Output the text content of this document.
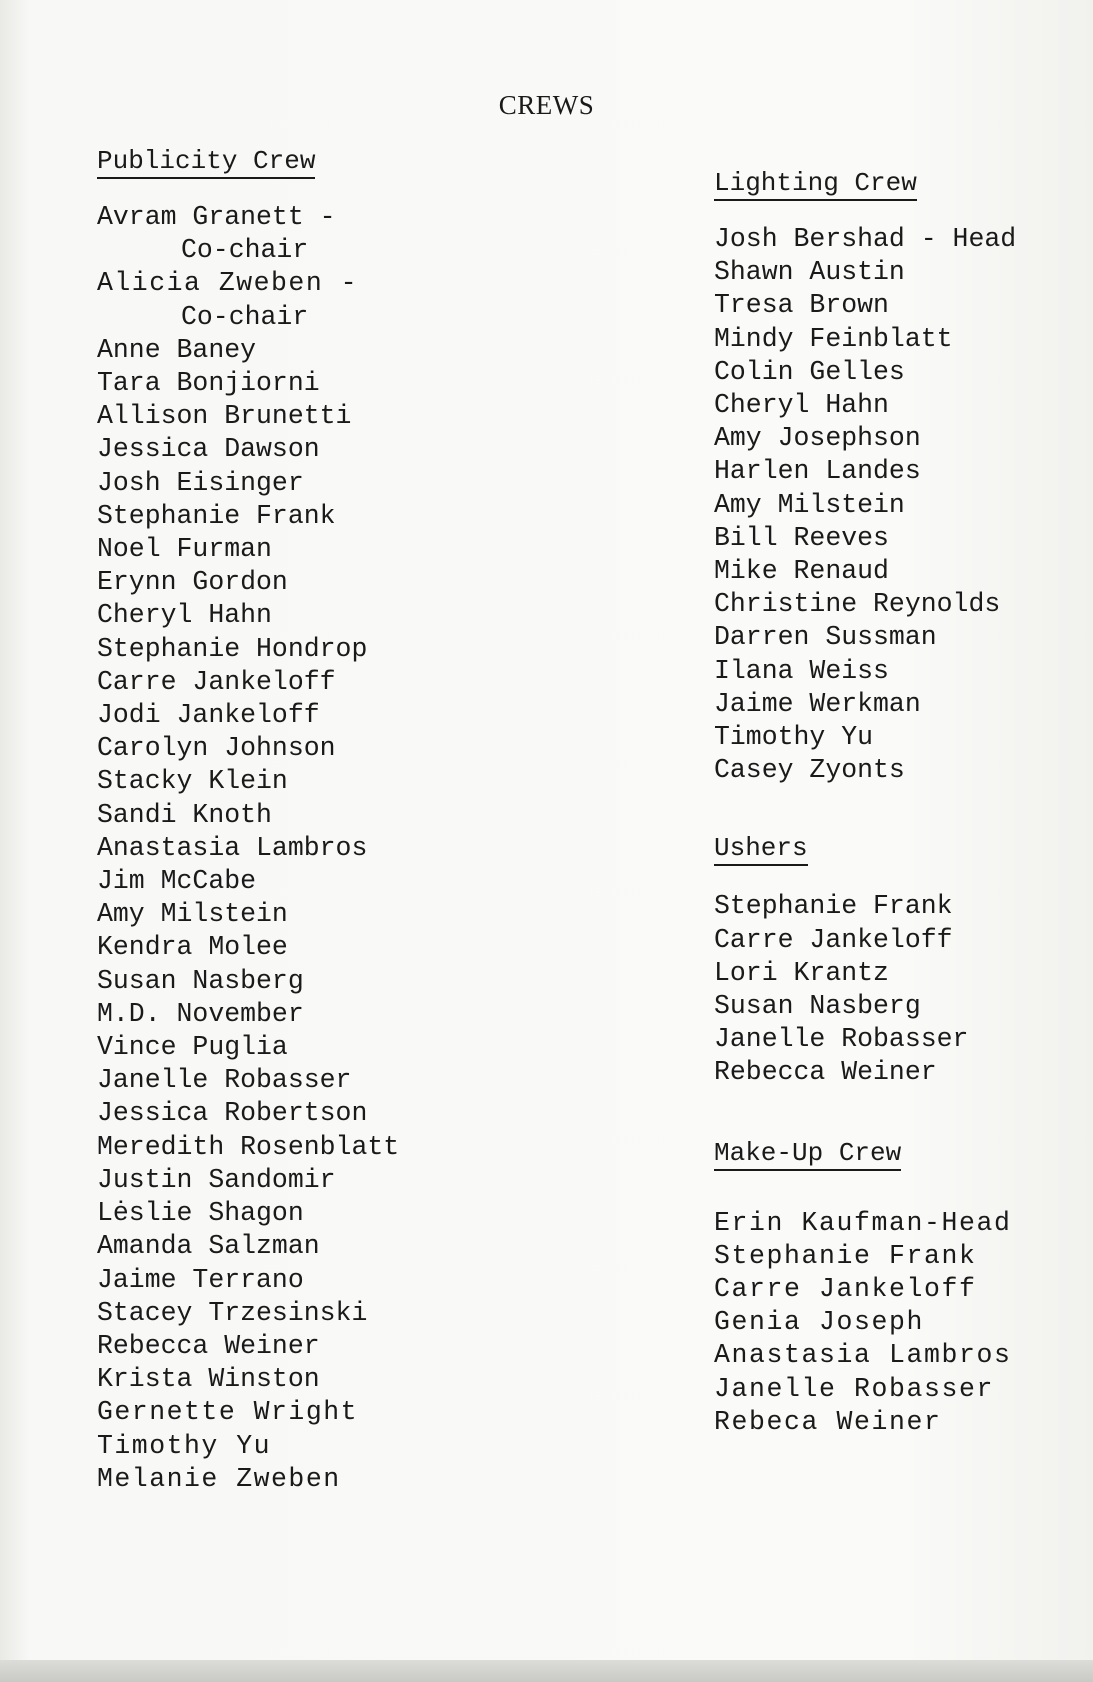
CREWS
Publicity Crew
Avram Granett -
Co-chair
Alicia Zweben -
Co-chair
Anne Baney
Tara Bonjiorni
Allison Brunetti
Jessica Dawson
Josh Eisinger
Stephanie Frank
Noel Furman
Erynn Gordon
Cheryl Hahn
Stephanie Hondrop
Carre Jankeloff
Jodi Jankeloff
Carolyn Johnson
Stacky Klein
Sandi Knoth
Anastasia Lambros
Jim McCabe
Amy Milstein
Kendra Molee
Susan Nasberg
M.D. November
Vince Puglia
Janelle Robasser
Jessica Robertson
Meredith Rosenblatt
Justin Sandomir
Lėslie Shagon
Amanda Salzman
Jaime Terrano
Stacey Trzesinski
Rebecca Weiner
Krista Winston
Gernette Wright
Timothy Yu
Melanie Zweben
Lighting Crew
Josh Bershad - Head
Shawn Austin
Tresa Brown
Mindy Feinblatt
Colin Gelles
Cheryl Hahn
Amy Josephson
Harlen Landes
Amy Milstein
Bill Reeves
Mike Renaud
Christine Reynolds
Darren Sussman
Ilana Weiss
Jaime Werkman
Timothy Yu
Casey Zyonts
Ushers
Stephanie Frank
Carre Jankeloff
Lori Krantz
Susan Nasberg
Janelle Robasser
Rebecca Weiner
Make-Up Crew
Erin Kaufman-Head
Stephanie Frank
Carre Jankeloff
Genia Joseph
Anastasia Lambros
Janelle Robasser
Rebeca Weiner
